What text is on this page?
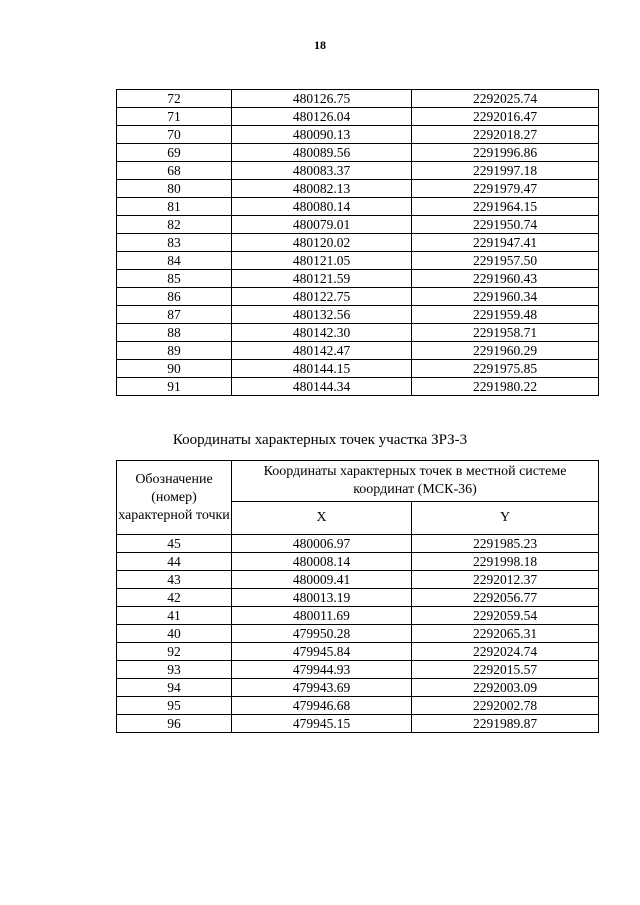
18
72	480126.75	2292025.74
71	480126.04	2292016.47
70	480090.13	2292018.27
69	480089.56	2291996.86
68	480083.37	2291997.18
80	480082.13	2291979.47
81	480080.14	2291964.15
82	480079.01	2291950.74
83	480120.02	2291947.41
84	480121.05	2291957.50
85	480121.59	2291960.43
86	480122.75	2291960.34
87	480132.56	2291959.48
88	480142.30	2291958.71
89	480142.47	2291960.29
90	480144.15	2291975.85
91	480144.34	2291980.22
Координаты характерных точек участка ЗРЗ-3
Обозначение (номер) характерной точки	Координаты характерных точек в местной системе координат (МСК-36)	
	X	Y
45	480006.97	2291985.23
44	480008.14	2291998.18
43	480009.41	2292012.37
42	480013.19	2292056.77
41	480011.69	2292059.54
40	479950.28	2292065.31
92	479945.84	2292024.74
93	479944.93	2292015.57
94	479943.69	2292003.09
95	479946.68	2292002.78
96	479945.15	2291989.87
